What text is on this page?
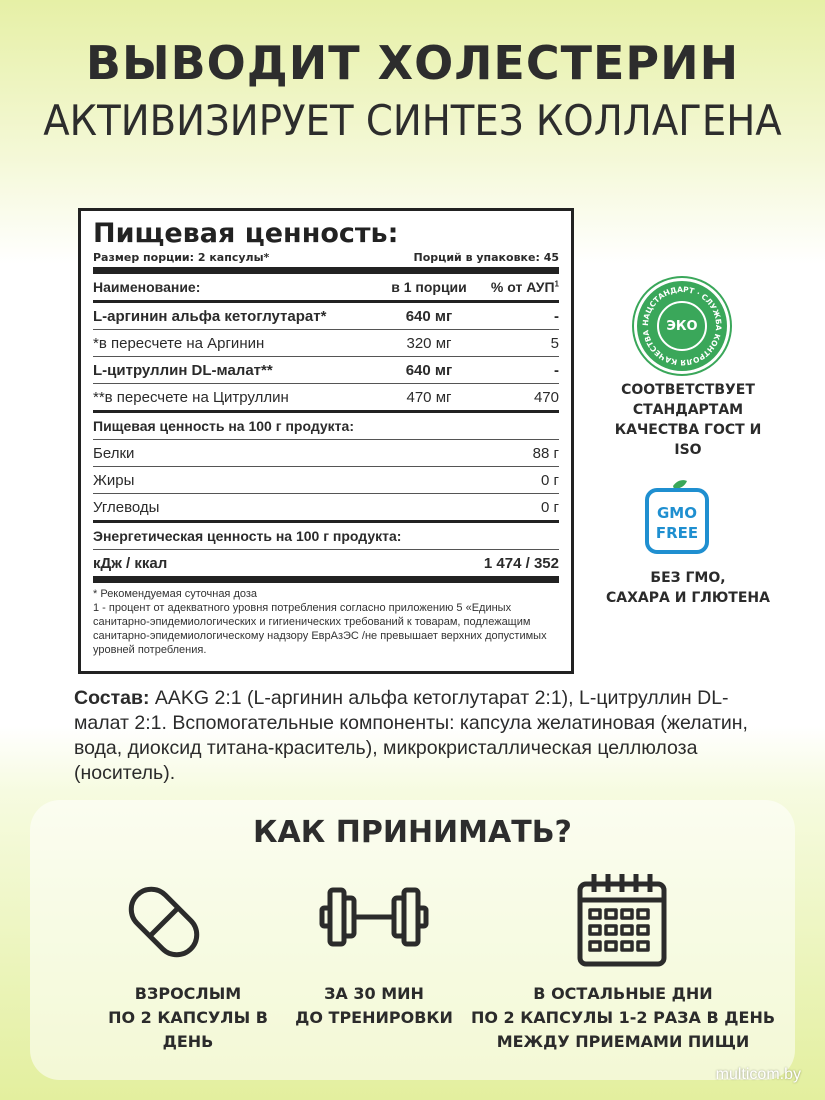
ВЫВОДИТ ХОЛЕСТЕРИН
АКТИВИЗИРУЕТ СИНТЕЗ КОЛЛАГЕНА
Пищевая ценность:
Размер порции: 2 капсулы*	Порций в упаковке: 45
Наименование:	в 1 порции	% от АУП$^1$
L-аргинин альфа кетоглутарат*	640 мг	-
*в пересчете на Аргинин	320 мг	5
L-цитруллин DL-малат**	640 мг	-
**в пересчете на Цитруллин	470 мг	470
Пищевая ценность на 100 г продукта:
Белки	88 г
Жиры	0 г
Углеводы	0 г
Энергетическая ценность на 100 г продукта:
кДж / ккал	1 474 / 352
* Рекомендуемая суточная доза
1 - процент от адекватного уровня потребления согласно приложению 5 «Единых санитарно-эпидемиологических и гигиенических требований к товарам, подлежащим санитарно-эпидемиологическому надзору ЕврАзЭС /не превышает верхних допустимых уровней потребления.
НАЦСТАНДАРТ · СЛУЖБА КОНТРОЛЯ КАЧЕСТВА	ЭКО
СООТВЕТСТВУЕТ
СТАНДАРТАМ
КАЧЕСТВА ГОСТ И ISO
GMO
FREE
БЕЗ ГМО,
САХАРА И ГЛЮТЕНА
Состав: AAKG 2:1 (L-аргинин альфа кетоглутарат 2:1), L-цитруллин DL-малат 2:1. Вспомогательные компоненты: капсула желатиновая (желатин, вода, диоксид титана-краситель), микрокристаллическая целлюлоза (носитель).
КАК ПРИНИМАТЬ?
ВЗРОСЛЫМ
ПО 2 КАПСУЛЫ В ДЕНЬ
ЗА 30 МИН
ДО ТРЕНИРОВКИ
В ОСТАЛЬНЫЕ ДНИ
ПО 2 КАПСУЛЫ 1-2 РАЗА В ДЕНЬ
МЕЖДУ ПРИЕМАМИ ПИЩИ
multicom.by
